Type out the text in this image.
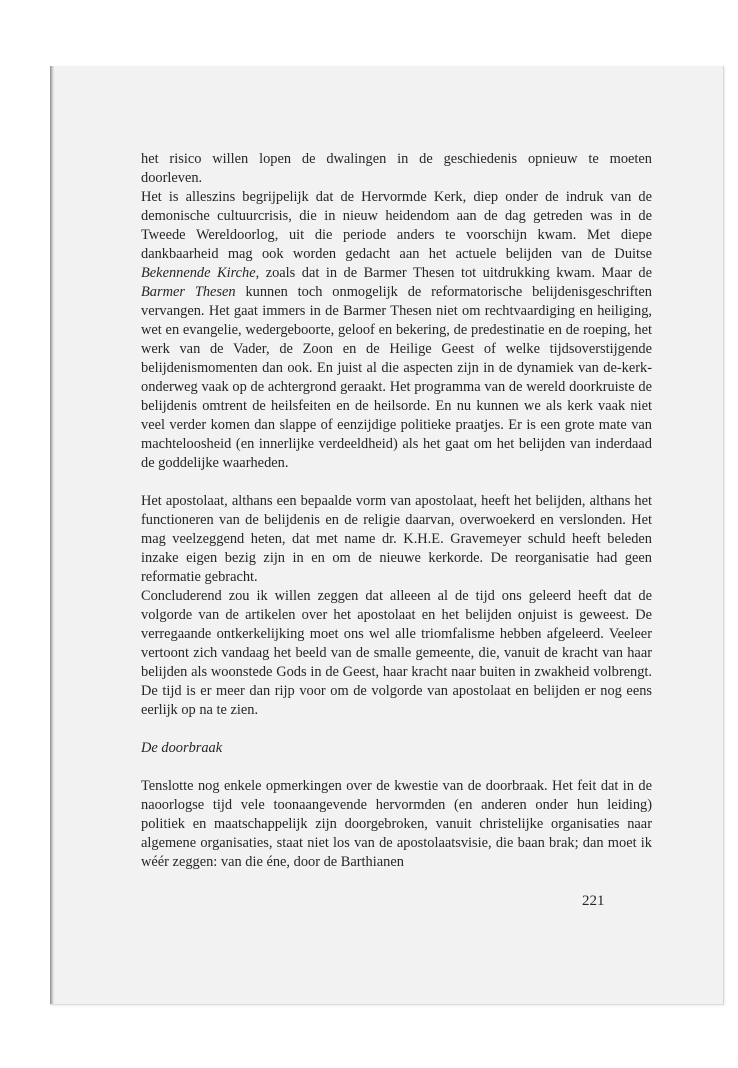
het risico willen lopen de dwalingen in de geschiedenis opnieuw te moeten
doorleven.

Het is alleszins begrijpelijk dat de Hervormde Kerk, diep onder de indruk van de demonische cultuurcrisis, die in nieuw heidendom aan de dag getreden was in de Tweede Wereldoorlog, uit die periode anders te voorschijn kwam. Met diepe dankbaarheid mag ook worden gedacht aan het actuele belijden van de Duitse Bekennende Kirche, zoals dat in de Barmer Thesen tot uitdrukking kwam. Maar de Barmer Thesen kunnen toch onmogelijk de reformatorische belijdenisgeschriften vervangen. Het gaat immers in de Barmer Thesen niet om rechtvaardiging en heiliging, wet en evangelie, wedergeboorte, geloof en bekering, de predestinatie en de roeping, het werk van de Vader, de Zoon en de Heilige Geest of welke tijdsoverstijgende belijdenismomenten dan ook. En juist al die aspecten zijn in de dynamiek van de-kerk-onderweg vaak op de achtergrond geraakt. Het programma van de wereld doorkruiste de belijdenis omtrent de heilsfeiten en de heilsorde. En nu kunnen we als kerk vaak niet veel verder komen dan slappe of eenzijdige politieke praatjes. Er is een grote mate van machteloosheid (en innerlijke verdeeldheid) als het gaat om het belijden van inderdaad de goddelijke waarheden.

Het apostolaat, althans een bepaalde vorm van apostolaat, heeft het belijden, althans het functioneren van de belijdenis en de religie daarvan, overwoekerd en verslonden. Het mag veelzeggend heten, dat met name dr. K.H.E. Gravemeyer schuld heeft beleden inzake eigen bezig zijn in en om de nieuwe kerkorde. De reorganisatie had geen reformatie gebracht.

Concluderend zou ik willen zeggen dat alleeen al de tijd ons geleerd heeft dat de volgorde van de artikelen over het apostolaat en het belijden onjuist is geweest. De verregaande ontkerkelijking moet ons wel alle triomfalisme hebben afgeleerd. Veeleer vertoont zich vandaag het beeld van de smalle gemeente, die, vanuit de kracht van haar belijden als woonstede Gods in de Geest, haar kracht naar buiten in zwakheid volbrengt. De tijd is er meer dan rijp voor om de volgorde van apostolaat en belijden er nog eens eerlijk op na te zien.

De doorbraak

Tenslotte nog enkele opmerkingen over de kwestie van de doorbraak. Het feit dat in de naoorlogse tijd vele toonaangevende hervormden (en anderen onder hun leiding) politiek en maatschappelijk zijn doorgebroken, vanuit christelijke organisaties naar algemene organisaties, staat niet los van de apostolaatsvisie, die baan brak; dan moet ik wéér zeggen: van die éne, door de Barthianen

221
